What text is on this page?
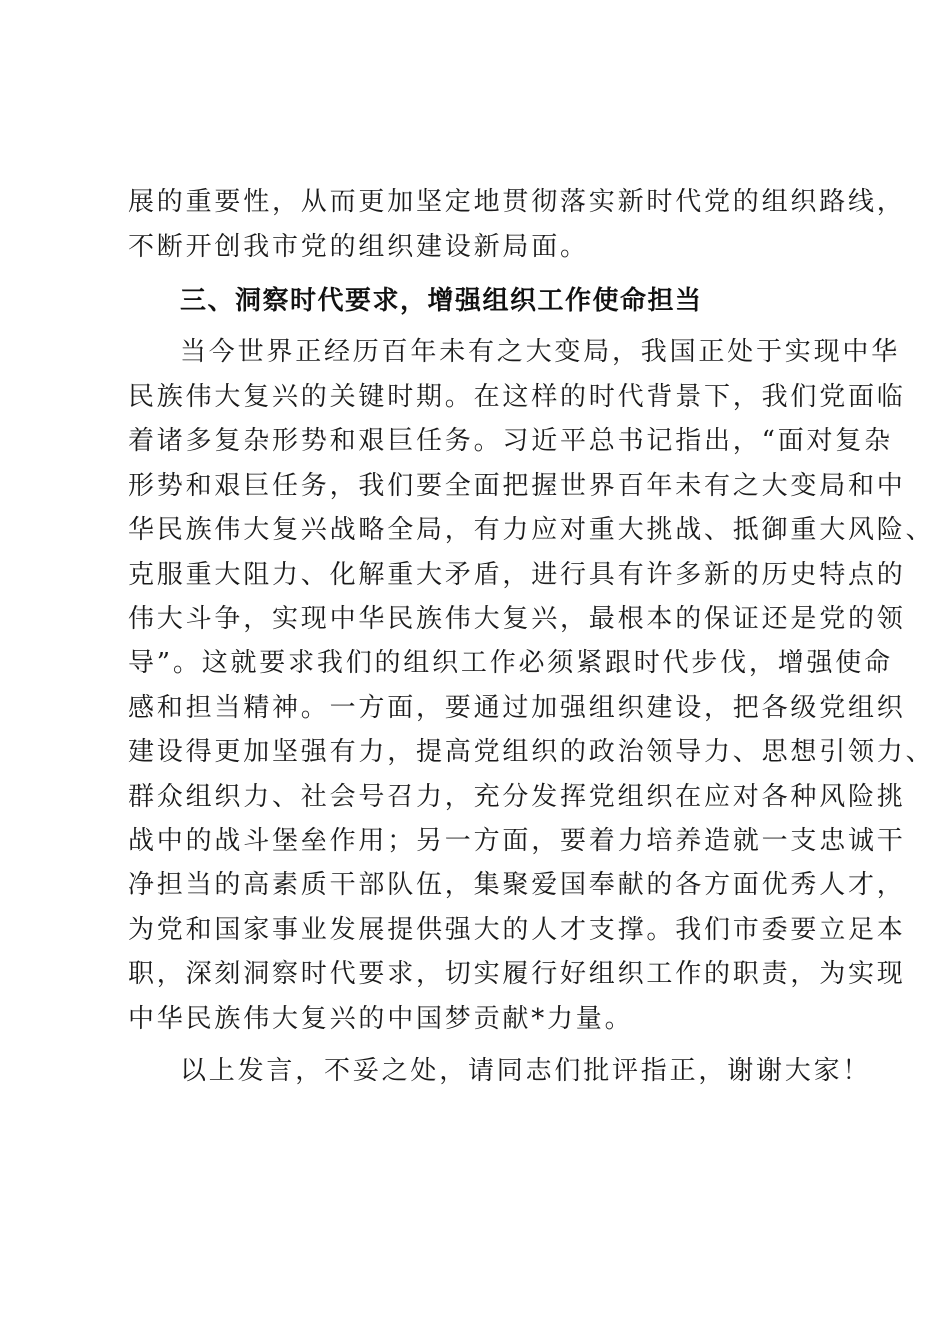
展的重要性，从而更加坚定地贯彻落实新时代党的组织路线，
不断开创我市党的组织建设新局面。
三、洞察时代要求，增强组织工作使命担当
当今世界正经历百年未有之大变局，我国正处于实现中华
民族伟大复兴的关键时期。在这样的时代背景下，我们党面临
着诸多复杂形势和艰巨任务。习近平总书记指出，“面对复杂
形势和艰巨任务，我们要全面把握世界百年未有之大变局和中
华民族伟大复兴战略全局，有力应对重大挑战、抵御重大风险、
克服重大阻力、化解重大矛盾，进行具有许多新的历史特点的
伟大斗争，实现中华民族伟大复兴，最根本的保证还是党的领
导”。这就要求我们的组织工作必须紧跟时代步伐，增强使命
感和担当精神。一方面，要通过加强组织建设，把各级党组织
建设得更加坚强有力，提高党组织的政治领导力、思想引领力、
群众组织力、社会号召力，充分发挥党组织在应对各种风险挑
战中的战斗堡垒作用；另一方面，要着力培养造就一支忠诚干
净担当的高素质干部队伍，集聚爱国奉献的各方面优秀人才，
为党和国家事业发展提供强大的人才支撑。我们市委要立足本
职，深刻洞察时代要求，切实履行好组织工作的职责，为实现
中华民族伟大复兴的中国梦贡献*力量。
以上发言，不妥之处，请同志们批评指正，谢谢大家！
